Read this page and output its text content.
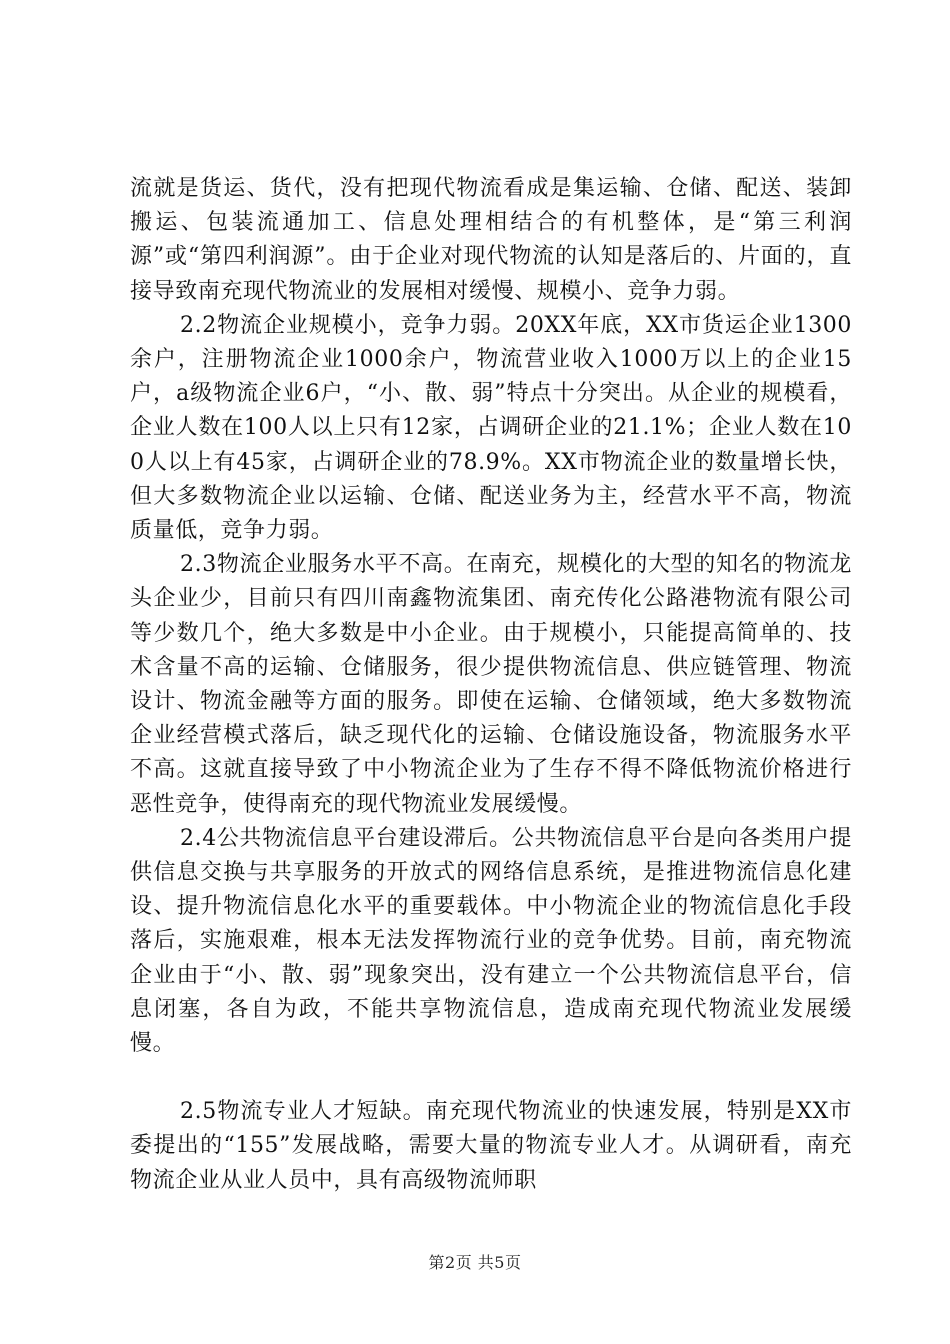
流就是货运、货代，没有把现代物流看成是集运输、仓储、配送、装卸搬运、包装流通加工、信息处理相结合的有机整体，是“第三利润源”或“第四利润源”。由于企业对现代物流的认知是落后的、片面的，直接导致南充现代物流业的发展相对缓慢、规模小、竞争力弱。

2.2物流企业规模小，竞争力弱。20XX年底，XX市货运企业1300余户，注册物流企业1000余户，物流营业收入1000万以上的企业15户，a级物流企业6户，“小、散、弱”特点十分突出。从企业的规模看，企业人数在100人以上只有12家，占调研企业的21.1%；企业人数在100人以上有45家，占调研企业的78.9%。XX市物流企业的数量增长快，但大多数物流企业以运输、仓储、配送业务为主，经营水平不高，物流质量低，竞争力弱。

2.3物流企业服务水平不高。在南充，规模化的大型的知名的物流龙头企业少，目前只有四川南鑫物流集团、南充传化公路港物流有限公司等少数几个，绝大多数是中小企业。由于规模小，只能提高简单的、技术含量不高的运输、仓储服务，很少提供物流信息、供应链管理、物流设计、物流金融等方面的服务。即使在运输、仓储领域，绝大多数物流企业经营模式落后，缺乏现代化的运输、仓储设施设备，物流服务水平不高。这就直接导致了中小物流企业为了生存不得不降低物流价格进行恶性竞争，使得南充的现代物流业发展缓慢。

2.4公共物流信息平台建设滞后。公共物流信息平台是向各类用户提供信息交换与共享服务的开放式的网络信息系统，是推进物流信息化建设、提升物流信息化水平的重要载体。中小物流企业的物流信息化手段落后，实施艰难，根本无法发挥物流行业的竞争优势。目前，南充物流企业由于“小、散、弱”现象突出，没有建立一个公共物流信息平台，信息闭塞，各自为政，不能共享物流信息，造成南充现代物流业发展缓慢。

2.5物流专业人才短缺。南充现代物流业的快速发展，特别是XX市委提出的“155”发展战略，需要大量的物流专业人才。从调研看，南充物流企业从业人员中，具有高级物流师职

第2页 共5页
